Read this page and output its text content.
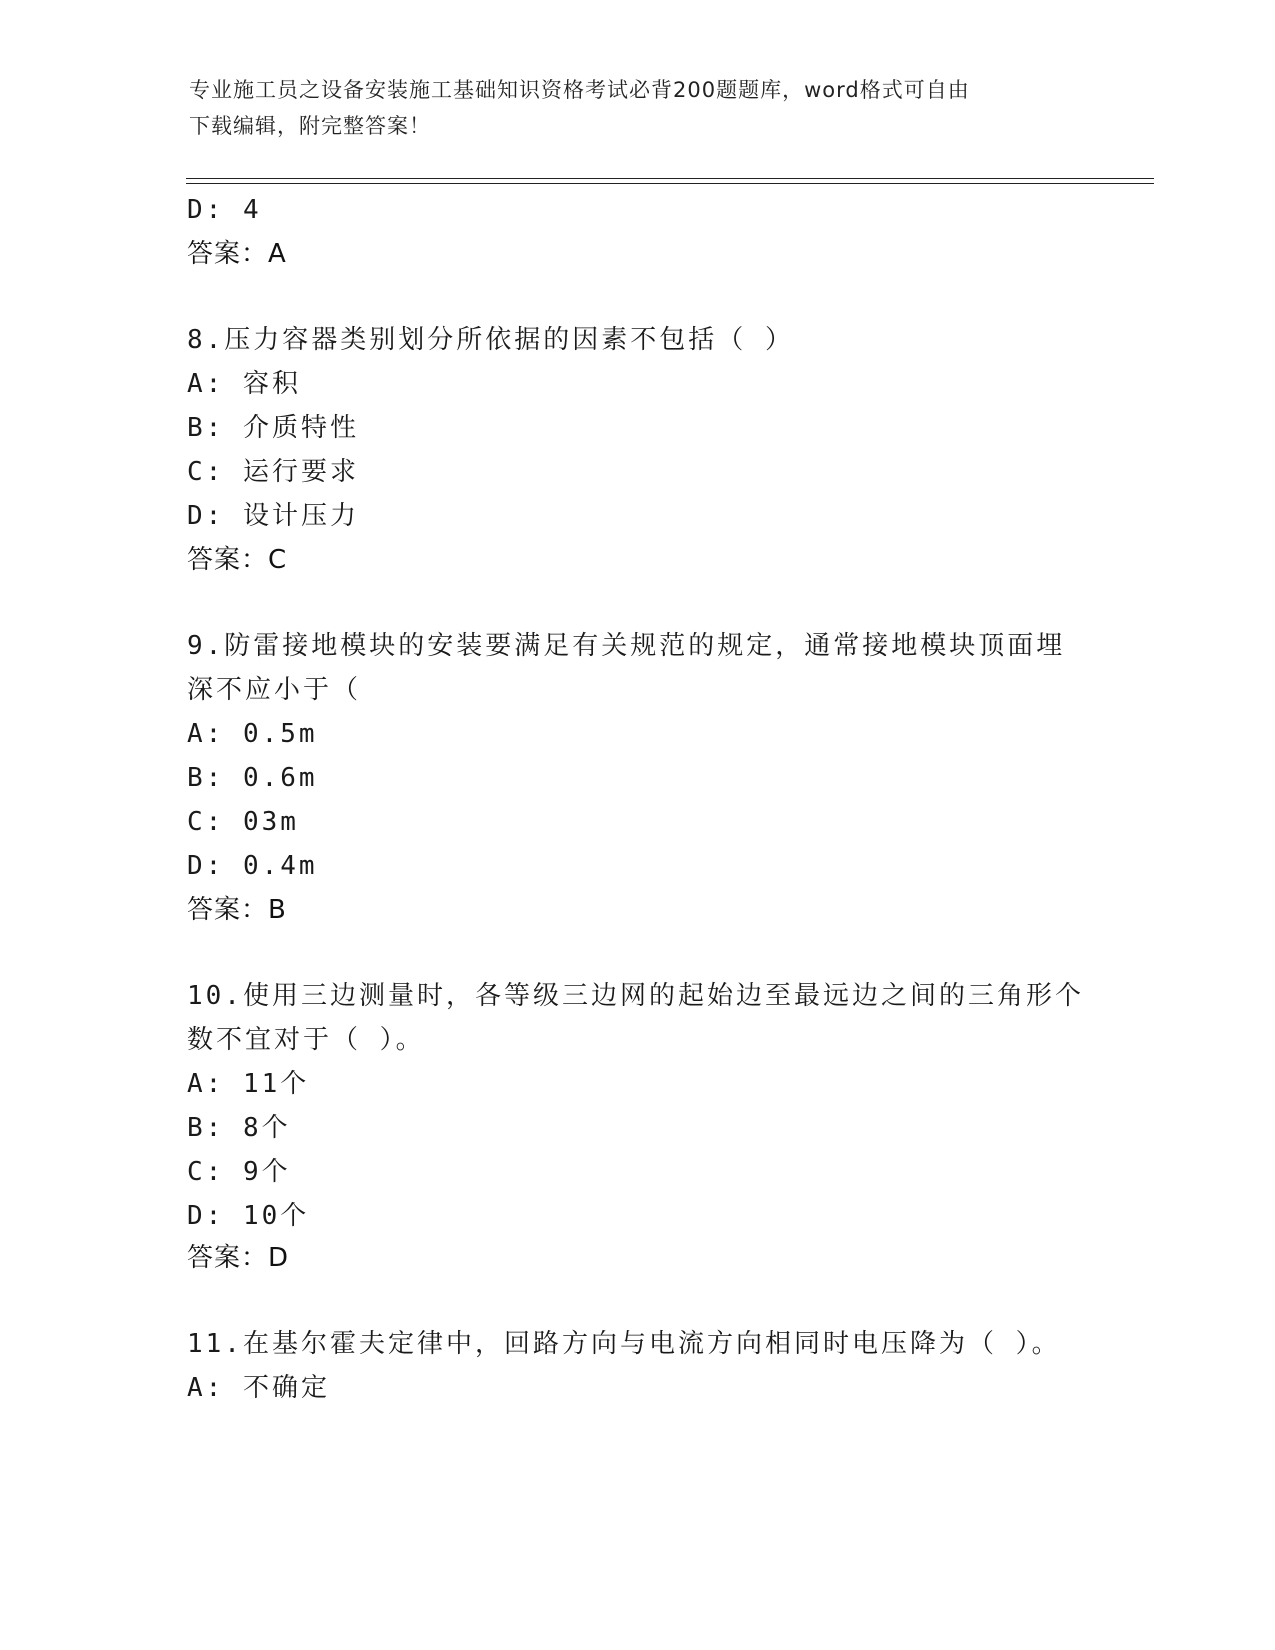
专业施工员之设备安装施工基础知识资格考试必背200题题库，word格式可自由
下载编辑，附完整答案！
D: 4
答案：A
8.压力容器类别划分所依据的因素不包括（ ）
A: 容积
B: 介质特性
C: 运行要求
D: 设计压力
答案：C
9.防雷接地模块的安装要满足有关规范的规定，通常接地模块顶面埋
深不应小于（
A: 0.5m
B: 0.6m
C: 03m
D: 0.4m
答案：B
10.使用三边测量时，各等级三边网的起始边至最远边之间的三角形个
数不宜对于（ ）。
A: 11个
B: 8个
C: 9个
D: 10个
答案：D
11.在基尔霍夫定律中，回路方向与电流方向相同时电压降为（ ）。
A: 不确定
